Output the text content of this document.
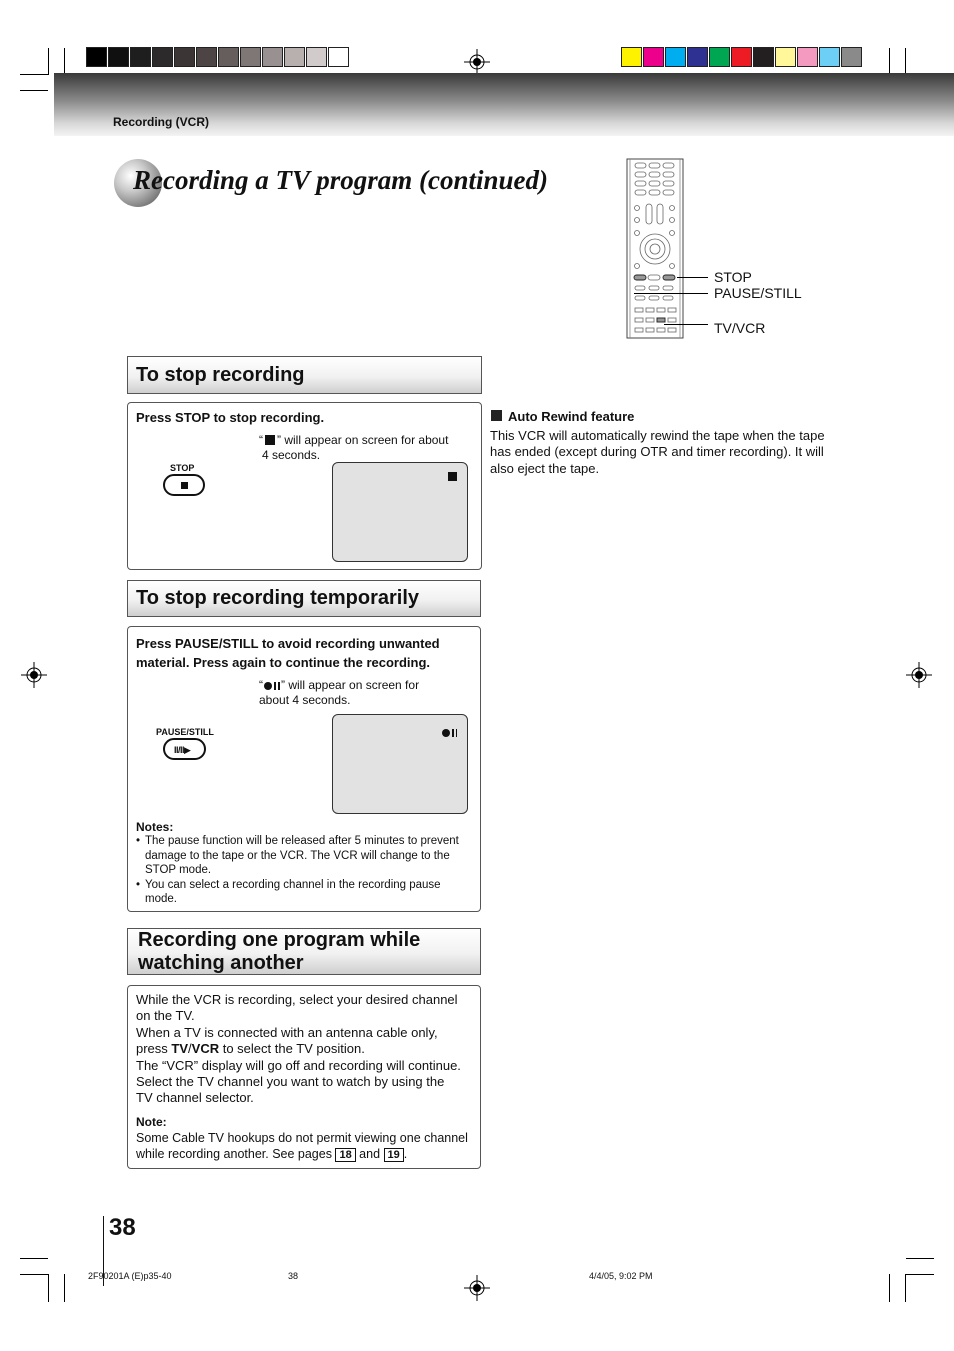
Recording (VCR)
Recording a TV program (continued)
STOP
PAUSE/STILL
TV/VCR
To stop recording
Press STOP to stop recording.
“ ” will appear on screen for about
4 seconds.
STOP
Auto Rewind feature
This VCR will automatically rewind the tape when the tape
has ended (except during OTR and timer recording). It will
also eject the tape.
To stop recording temporarily
Press PAUSE/STILL to avoid recording unwanted
material. Press again to continue the recording.
“ ” will appear on screen for
about 4 seconds.
PAUSE/STILL
II/II▶
Notes:
• The pause function will be released after 5 minutes to prevent
damage to the tape or the VCR. The VCR will change to the
STOP mode.
• You can select a recording channel in the recording pause
mode.
Recording one program while
watching another
While the VCR is recording, select your desired channel
on the TV.
When a TV is connected with an antenna cable only,
press TV/VCR to select the TV position.
The “VCR” display will go off and recording will continue.
Select the TV channel you want to watch by using the
TV channel selector.
Note:
Some Cable TV hookups do not permit viewing one channel
while recording another. See pages 18 and 19 .
38
2F90201A (E)p35-40	38	4/4/05, 9:02 PM
